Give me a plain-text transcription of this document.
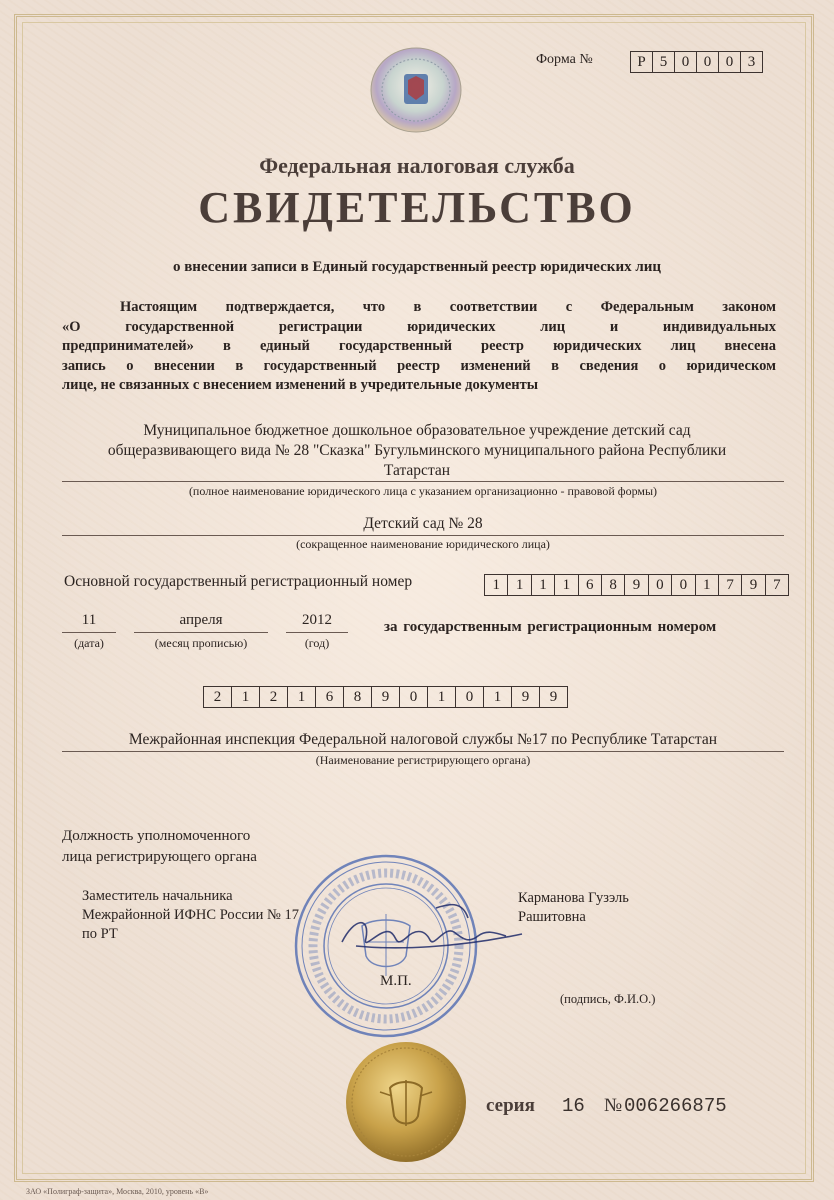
Форма №	Р 5 0 0 0 3
Федеральная налоговая служба
СВИДЕТЕЛЬСТВО
о внесении записи в Единый государственный реестр юридических лиц
Настоящим подтверждается, что в соответствии с Федеральным законом
«О государственной регистрации юридических лиц и индивидуальных
предпринимателей» в единый государственный реестр юридических лиц внесена
запись о внесении в государственный реестр изменений в сведения о юридическом
лице, не связанных с внесением изменений в учредительные документы
Муниципальное бюджетное дошкольное образовательное учреждение детский сад
общеразвивающего вида № 28 "Сказка" Бугульминского муниципального района Республики
Татарстан
(полное наименование юридического лица с указанием организационно - правовой формы)
Детский сад № 28
(сокращенное наименование юридического лица)
Основной государственный регистрационный номер	1	1	1	1	6	8	9	0	0	1	7	9	7
11
(дата)
апреля
(месяц прописью)
2012
(год)
за государственным регистрационным номером
2	1	2	1	6	8	9	0	1	0	1	9	9
Межрайонная инспекция Федеральной налоговой службы №17 по Республике Татарстан
(Наименование регистрирующего органа)
Должность уполномоченного
лица регистрирующего органа
Заместитель начальника
Межрайонной ИФНС России № 17
по РТ
Карманова Гузэль
Рашитовна
М.П.
(подпись, Ф.И.О.)
серия 16 № 006266875
ЗАО «Полиграф-защита», Москва, 2010, уровень «В»
